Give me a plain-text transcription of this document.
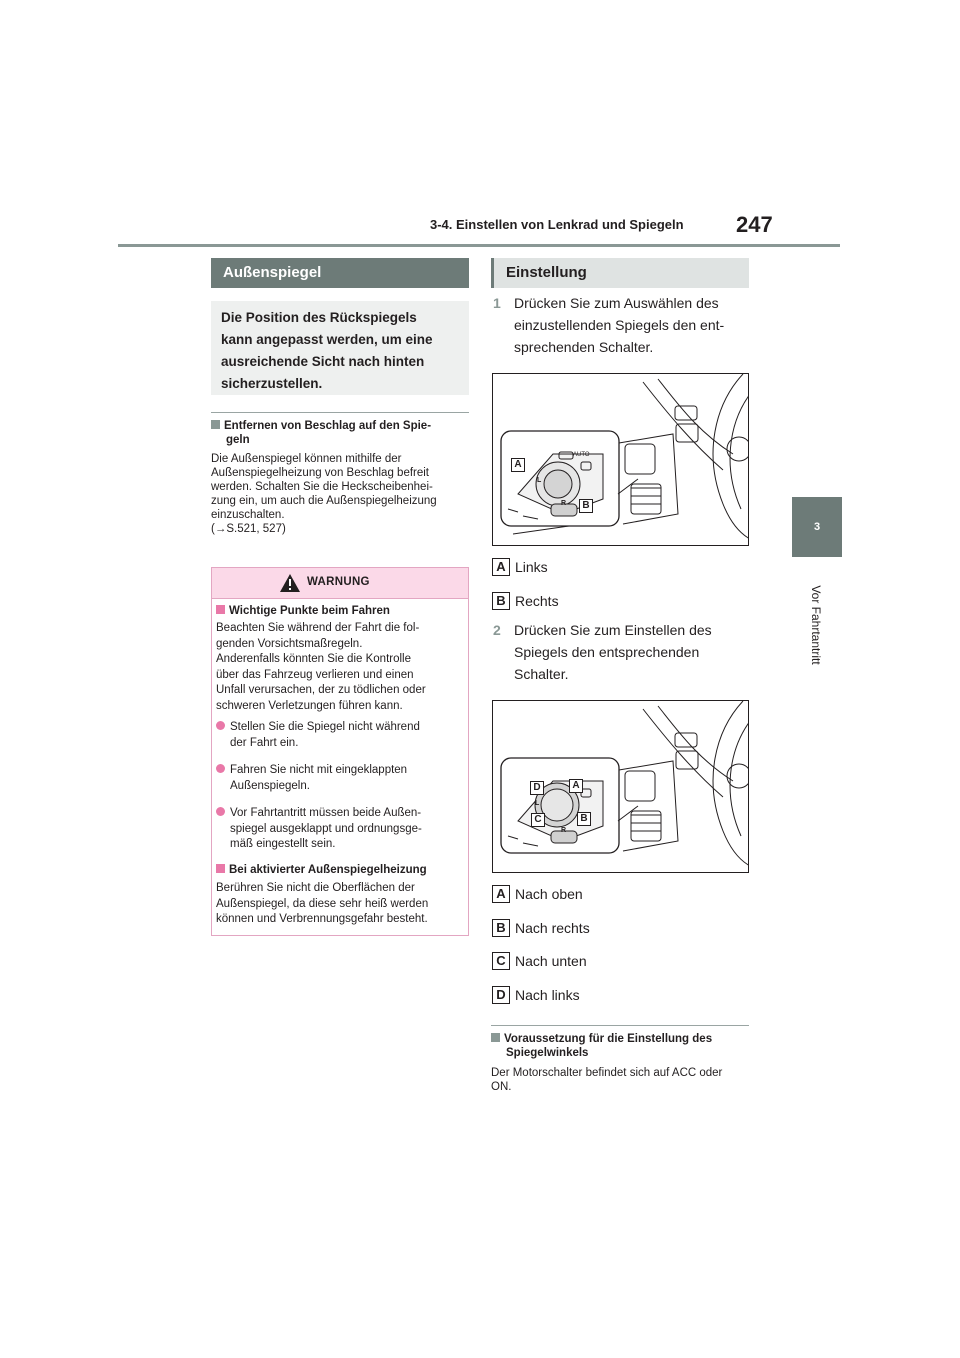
3-4. Einstellen von Lenkrad und Spiegeln 247
3
Vor Fahrtantritt
Außenspiegel
Die Position des Rückspiegels
kann angepasst werden, um eine
ausreichende Sicht nach hinten
sicherzustellen.
Entfernen von Beschlag auf den Spie-
geln
Die Außenspiegel können mithilfe der
Außenspiegelheizung von Beschlag befreit
werden. Schalten Sie die Heckscheibenhei-
zung ein, um auch die Außenspiegelheizung
einzuschalten.
(→S.521, 527)
WARNUNG
Wichtige Punkte beim Fahren
Beachten Sie während der Fahrt die fol-
genden Vorsichtsmaßregeln.
Anderenfalls könnten Sie die Kontrolle
über das Fahrzeug verlieren und einen
Unfall verursachen, der zu tödlichen oder
schweren Verletzungen führen kann.
Stellen Sie die Spiegel nicht während
der Fahrt ein.
Fahren Sie nicht mit eingeklappten
Außenspiegeln.
Vor Fahrtantritt müssen beide Außen-
spiegel ausgeklappt und ordnungsge-
mäß eingestellt sein.
Bei aktivierter Außenspiegelheizung
Berühren Sie nicht die Oberflächen der
Außenspiegel, da diese sehr heiß werden
können und Verbrennungsgefahr besteht.
Einstellung
1 Drücken Sie zum Auswählen des
einzustellenden Spiegels den ent-
sprechenden Schalter.
L
R
AUTO
A
B
A Links
B Rechts
2 Drücken Sie zum Einstellen des
Spiegels den entsprechenden
Schalter.
L
R
D	A
C	B
A Nach oben
B Nach rechts
C Nach unten
D Nach links
Voraussetzung für die Einstellung des
Spiegelwinkels
Der Motorschalter befindet sich auf ACC oder
ON.
